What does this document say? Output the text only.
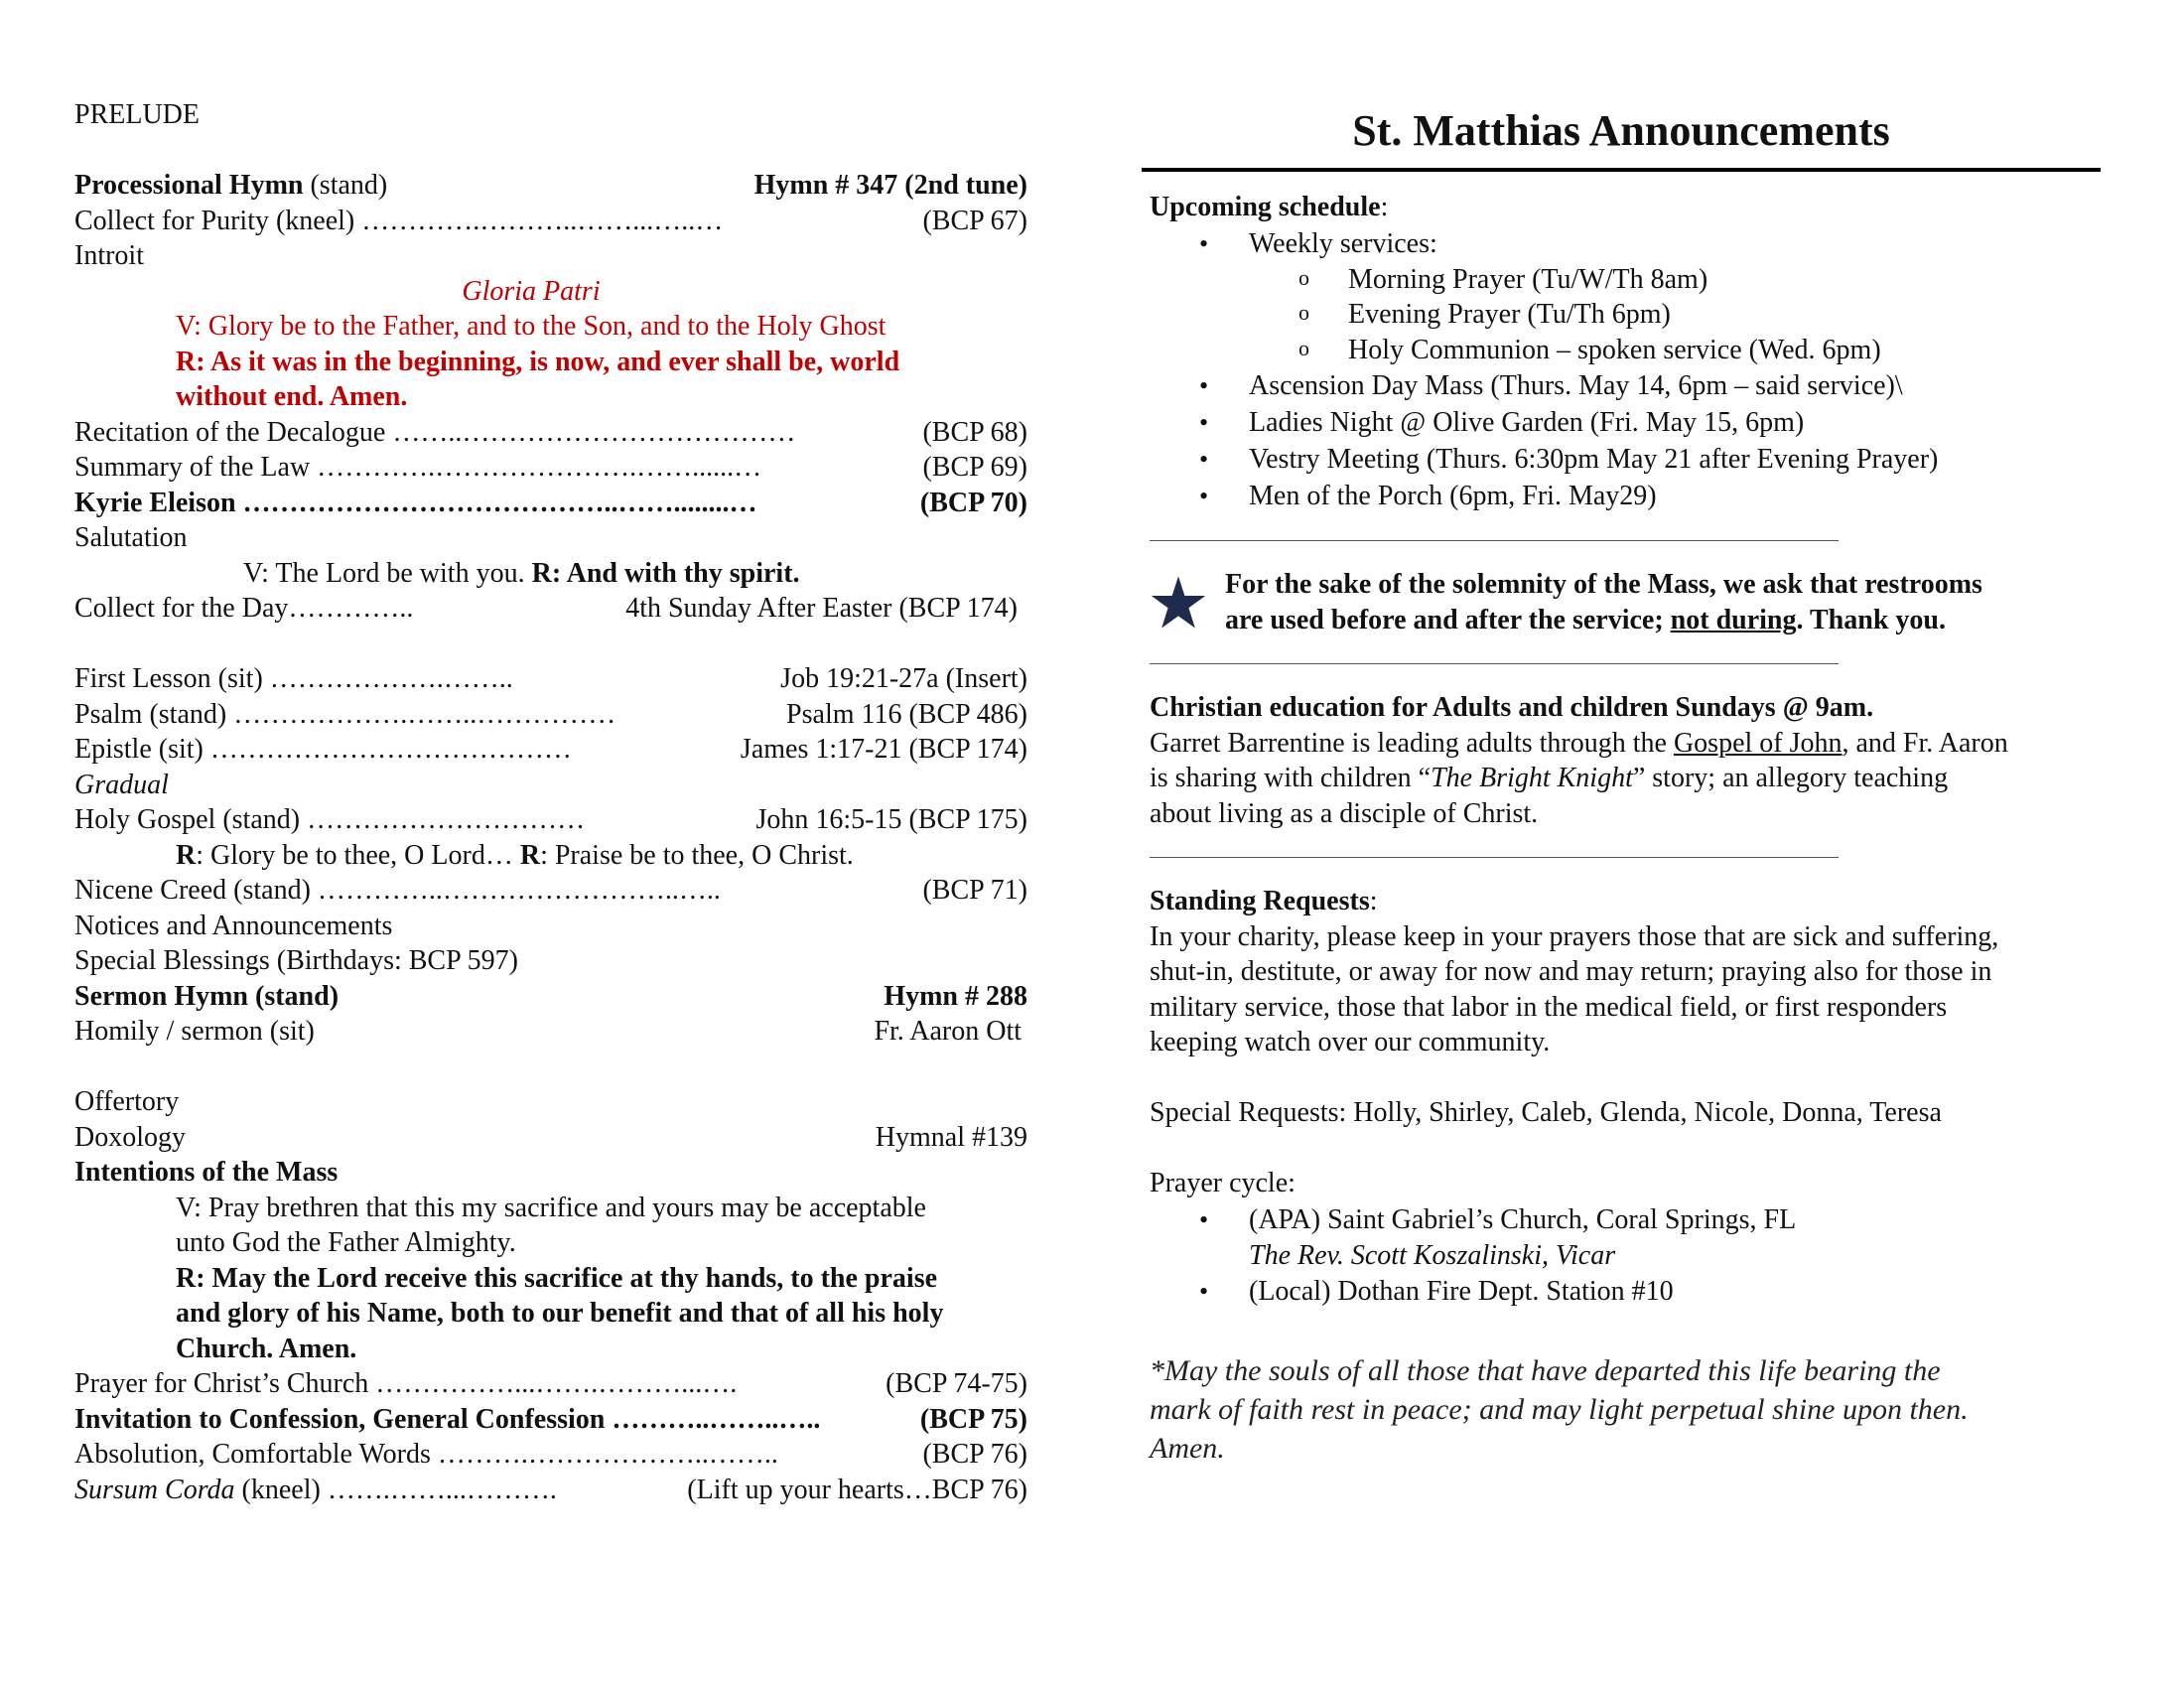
PRELUDE
Processional Hymn (stand)	Hymn # 347 (2nd tune)
Collect for Purity (kneel) ………….………..……...…..…	(BCP 67)
Introit
Gloria Patri
V: Glory be to the Father, and to the Son, and to the Holy Ghost
R: As it was in the beginning, is now, and ever shall be, world
without end. Amen.
Recitation of the Decalogue ……..………………………………	(BCP 68)
Summary of the Law ………….………………….……......…	(BCP 69)
Kyrie Eleison …………………………………..……........…	(BCP 70)
Salutation
V: The Lord be with you. R: And with thy spirit.
Collect for the Day…………..	4th Sunday After Easter (BCP 174)
First Lesson (sit) ……………….……..	Job 19:21-27a (Insert)
Psalm (stand) ……………….……..……………	Psalm 116 (BCP 486)
Epistle (sit) …………………………………	James 1:17-21 (BCP 174)
Gradual
Holy Gospel (stand) …………………………	John 16:5-15 (BCP 175)
R: Glory be to thee, O Lord… R: Praise be to thee, O Christ.
Nicene Creed (stand) …………..……………………..…..	(BCP 71)
Notices and Announcements
Special Blessings (Birthdays: BCP 597)
Sermon Hymn (stand)	Hymn # 288
Homily / sermon (sit)	Fr. Aaron Ott
Offertory
Doxology	Hymnal #139
Intentions of the Mass
V: Pray brethren that this my sacrifice and yours may be acceptable
unto God the Father Almighty.
R: May the Lord receive this sacrifice at thy hands, to the praise
and glory of his Name, both to our benefit and that of all his holy
Church. Amen.
Prayer for Christ’s Church ……………...…….………...….	(BCP 74-75)
Invitation to Confession, General Confession ………..……..…..	(BCP 75)
Absolution, Comfortable Words ……….………………..……..	(BCP 76)
Sursum Corda (kneel) …….……...……….	(Lift up your hearts…BCP 76)
St. Matthias Announcements
Upcoming schedule:
• Weekly services:
o Morning Prayer (Tu/W/Th 8am)
o Evening Prayer (Tu/Th 6pm)
o Holy Communion – spoken service (Wed. 6pm)
• Ascension Day Mass (Thurs. May 14, 6pm – said service)\
• Ladies Night @ Olive Garden (Fri. May 15, 6pm)
• Vestry Meeting (Thurs. 6:30pm May 21 after Evening Prayer)
• Men of the Porch (6pm, Fri. May29)
For the sake of the solemnity of the Mass, we ask that restrooms
are used before and after the service; not during. Thank you.
Christian education for Adults and children Sundays @ 9am.
Garret Barrentine is leading adults through the Gospel of John, and Fr. Aaron
is sharing with children “The Bright Knight” story; an allegory teaching
about living as a disciple of Christ.
Standing Requests:
In your charity, please keep in your prayers those that are sick and suffering,
shut-in, destitute, or away for now and may return; praying also for those in
military service, those that labor in the medical field, or first responders
keeping watch over our community.
Special Requests: Holly, Shirley, Caleb, Glenda, Nicole, Donna, Teresa
Prayer cycle:
• (APA) Saint Gabriel’s Church, Coral Springs, FL
The Rev. Scott Koszalinski, Vicar
• (Local) Dothan Fire Dept. Station #10
*May the souls of all those that have departed this life bearing the
mark of faith rest in peace; and may light perpetual shine upon then.
Amen.
